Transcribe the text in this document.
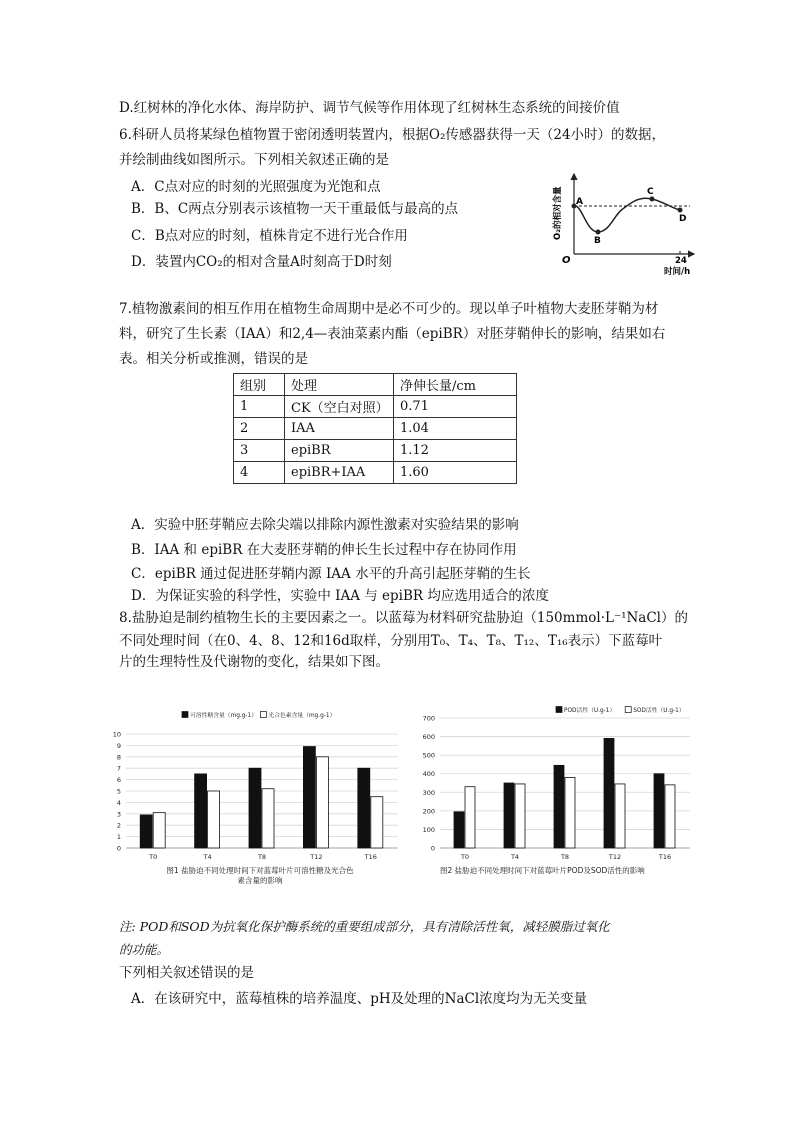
D.红树林的净化水体、海岸防护、调节气候等作用体现了红树林生态系统的间接价值
6.科研人员将某绿色植物置于密闭透明装置内，根据O₂传感器获得一天（24小时）的数据，
并绘制曲线如图所示。下列相关叙述正确的是
A．C点对应的时刻的光照强度为光饱和点
B．B、C两点分别表示该植物一天干重最低与最高的点
C．B点对应的时刻，植株肯定不进行光合作用
D．装置内CO₂的相对含量A时刻高于D时刻
O₂的相对含量 A
B
C
D
O	24
时间/h
7.植物激素间的相互作用在植物生命周期中是必不可少的。现以单子叶植物大麦胚芽鞘为材
料，研究了生长素（IAA）和2,4—表油菜素内酯（epiBR）对胚芽鞘伸长的影响，结果如右
表。相关分析或推测，错误的是
组别	处理	净伸长量/cm
1	CK（空白对照）	0.71
2	IAA	1.04
3	epiBR	1.12
4	epiBR+IAA	1.60
A．实验中胚芽鞘应去除尖端以排除内源性激素对实验结果的影响
B．IAA 和 epiBR 在大麦胚芽鞘的伸长生长过程中存在协同作用
C．epiBR 通过促进胚芽鞘内源 IAA 水平的升高引起胚芽鞘的生长
D．为保证实验的科学性，实验中 IAA 与 epiBR 均应选用适合的浓度
8.盐胁迫是制约植物生长的主要因素之一。以蓝莓为材料研究盐胁迫（150mmol·L⁻¹NaCl）的
不同处理时间（在0、4、8、12和16d取样，分别用T₀、T₄、T₈、T₁₂、T₁₆表示）下蓝莓叶
片的生理特性及代谢物的变化，结果如下图。
0
1
2
3
4
5
6
7
8
9
10
可溶性糖含量（mg.g-1） 光合色素含量（mg.g-1）
T0	T4	T8	T12	T16
0
100
200
300
400
500
600
700
POD活性（U.g-1）	SOD活性（U.g-1）
T0	T4	T8	T12	T16
图1 盐胁迫不同处理时间下对蓝莓叶片可溶性糖及光合色
素含量的影响
图2 盐胁迫不同处理时间下对蓝莓叶片POD及SOD活性的影响
注: POD和SOD为抗氧化保护酶系统的重要组成部分，具有清除活性氧，减轻膜脂过氧化
的功能。
下列相关叙述错误的是
A．在该研究中，蓝莓植株的培养温度、pH及处理的NaCl浓度均为无关变量
